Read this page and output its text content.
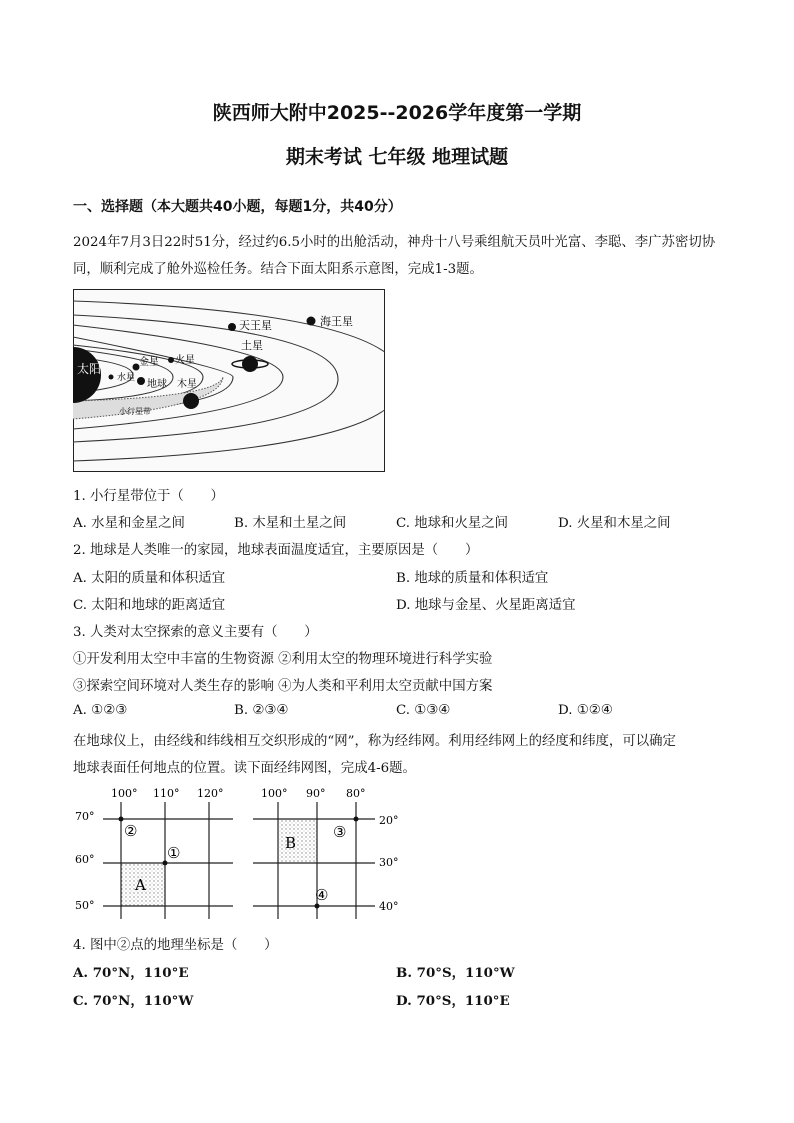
陕西师大附中2025--2026学年度第一学期
期末考试 七年级 地理试题
一、选择题（本大题共40小题，每题1分，共40分）
2024年7月3日22时51分，经过约6.5小时的出舱活动，神舟十八号乘组航天员叶光富、李聪、李广苏密切协
同，顺利完成了舱外巡检任务。结合下面太阳系示意图，完成1-3题。
太阳
水星
金星
地球
火星
木星
土星
天王星	海王星
小行星带
1. 小行星带位于（　　）
A. 水星和金星之间	B. 木星和土星之间	C. 地球和火星之间	D. 火星和木星之间
2. 地球是人类唯一的家园，地球表面温度适宜，主要原因是（　　）
A. 太阳的质量和体积适宜	B. 地球的质量和体积适宜
C. 太阳和地球的距离适宜	D. 地球与金星、火星距离适宜
3. 人类对太空探索的意义主要有（　　）
①开发利用太空中丰富的生物资源 ②利用太空的物理环境进行科学实验
③探索空间环境对人类生存的影响 ④为人类和平利用太空贡献中国方案
A. ①②③	B. ②③④	C. ①③④	D. ①②④
在地球仪上，由经线和纬线相互交织形成的“网”，称为经纬网。利用经纬网上的经度和纬度，可以确定
地球表面任何地点的位置。读下面经纬网图，完成4-6题。
100° 110° 120°
70°
60°
50°
②
①
A
100° 90° 80°
20°
30°
40°
③
④
B
4. 图中②点的地理坐标是（　　）
A. 70°N，110°E	B. 70°S，110°W
C. 70°N，110°W	D. 70°S，110°E
